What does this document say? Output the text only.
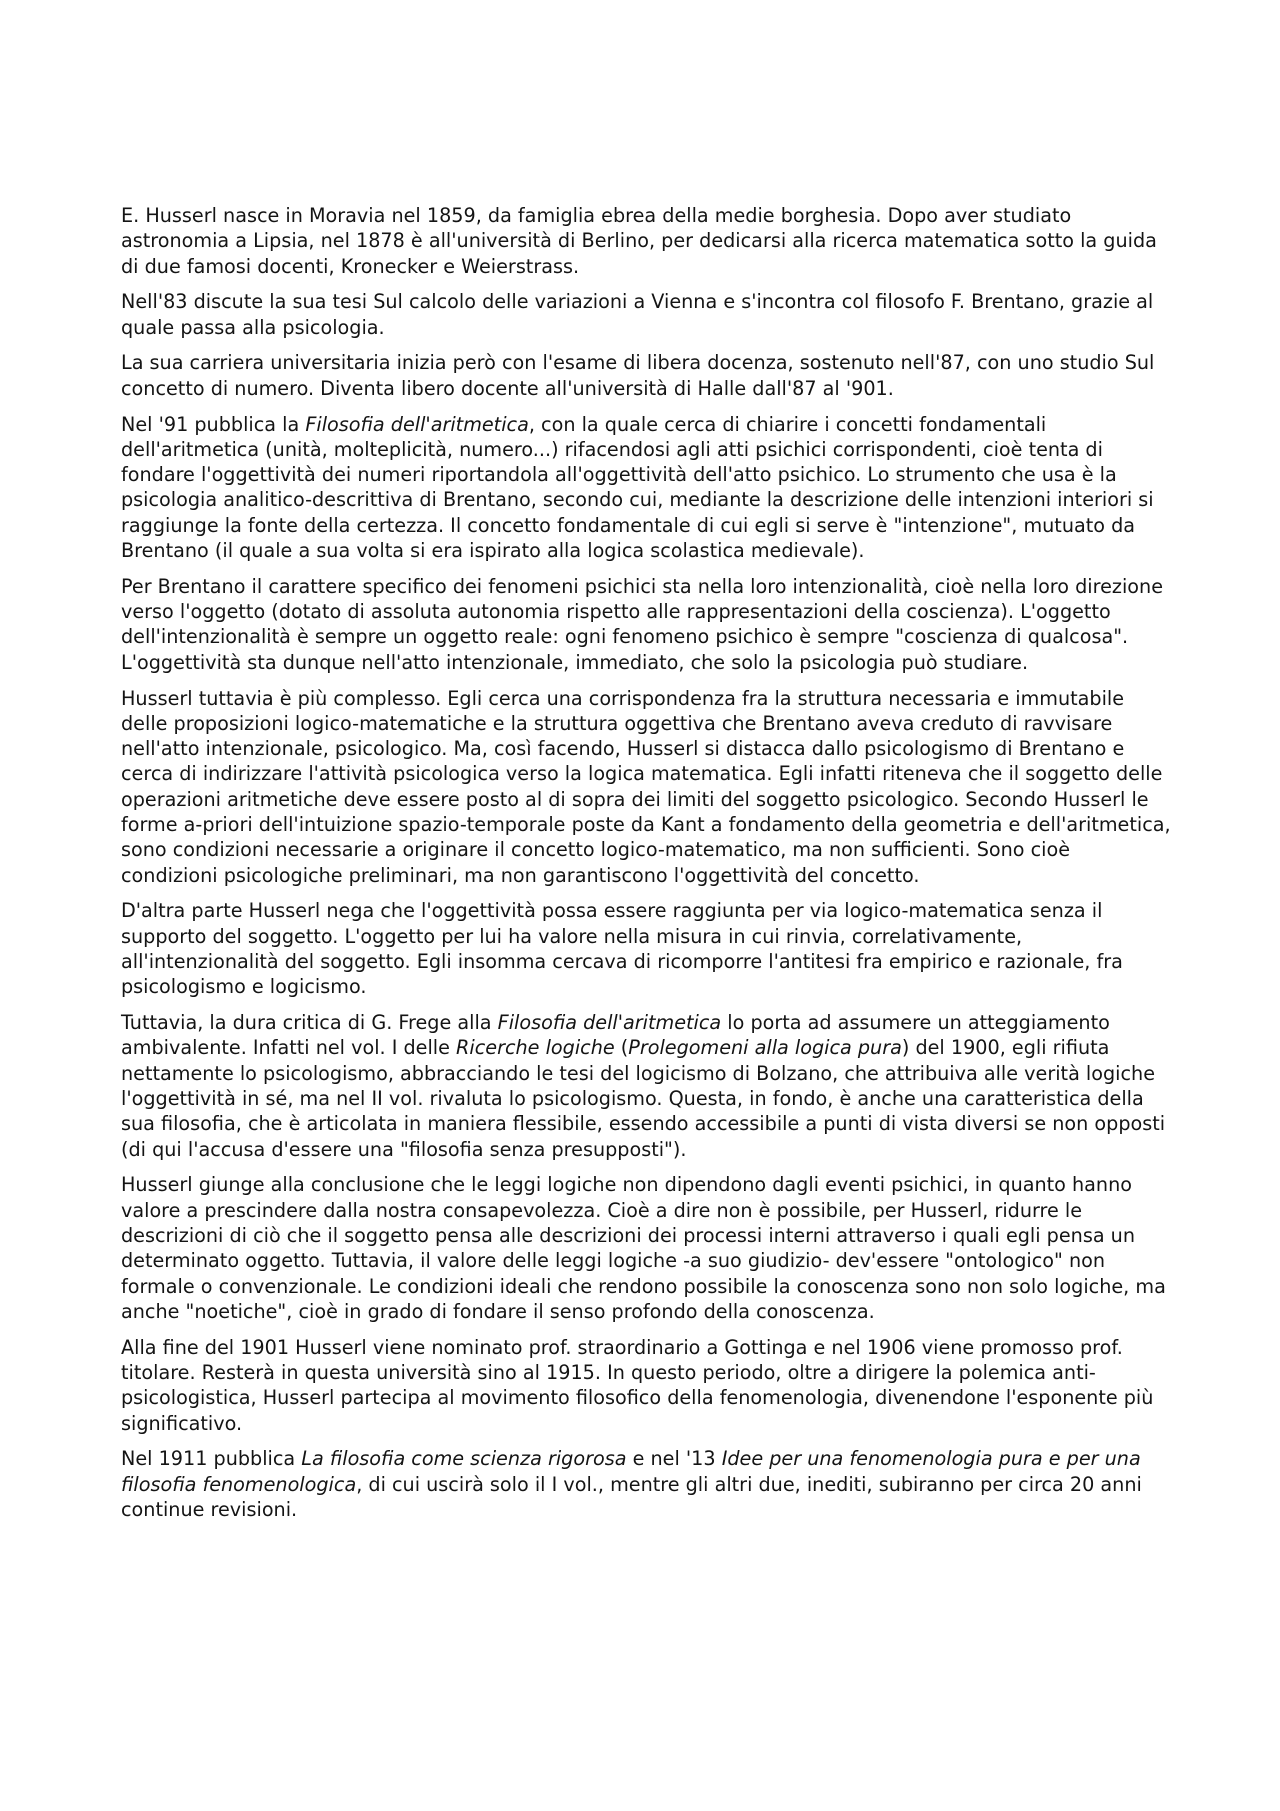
E. Husserl nasce in Moravia nel 1859, da famiglia ebrea della medie borghesia. Dopo aver studiato astronomia a Lipsia, nel 1878 è all'università di Berlino, per dedicarsi alla ricerca matematica sotto la guida di due famosi docenti, Kronecker e Weierstrass.

Nell'83 discute la sua tesi Sul calcolo delle variazioni a Vienna e s'incontra col filosofo F. Brentano, grazie al quale passa alla psicologia.

La sua carriera universitaria inizia però con l'esame di libera docenza, sostenuto nell'87, con uno studio Sul concetto di numero. Diventa libero docente all'università di Halle dall'87 al '901.

Nel '91 pubblica la Filosofia dell'aritmetica, con la quale cerca di chiarire i concetti fondamentali dell'aritmetica (unità, molteplicità, numero...) rifacendosi agli atti psichici corrispondenti, cioè tenta di fondare l'oggettività dei numeri riportandola all'oggettività dell'atto psichico. Lo strumento che usa è la psicologia analitico-descrittiva di Brentano, secondo cui, mediante la descrizione delle intenzioni interiori si raggiunge la fonte della certezza. Il concetto fondamentale di cui egli si serve è "intenzione", mutuato da Brentano (il quale a sua volta si era ispirato alla logica scolastica medievale).

Per Brentano il carattere specifico dei fenomeni psichici sta nella loro intenzionalità, cioè nella loro direzione verso l'oggetto (dotato di assoluta autonomia rispetto alle rappresentazioni della coscienza). L'oggetto dell'intenzionalità è sempre un oggetto reale: ogni fenomeno psichico è sempre "coscienza di qualcosa". L'oggettività sta dunque nell'atto intenzionale, immediato, che solo la psicologia può studiare.

Husserl tuttavia è più complesso. Egli cerca una corrispondenza fra la struttura necessaria e immutabile delle proposizioni logico-matematiche e la struttura oggettiva che Brentano aveva creduto di ravvisare nell'atto intenzionale, psicologico. Ma, così facendo, Husserl si distacca dallo psicologismo di Brentano e cerca di indirizzare l'attività psicologica verso la logica matematica. Egli infatti riteneva che il soggetto delle operazioni aritmetiche deve essere posto al di sopra dei limiti del soggetto psicologico. Secondo Husserl le forme a-priori dell'intuizione spazio-temporale poste da Kant a fondamento della geometria e dell'aritmetica, sono condizioni necessarie a originare il concetto logico-matematico, ma non sufficienti. Sono cioè condizioni psicologiche preliminari, ma non garantiscono l'oggettività del concetto.

D'altra parte Husserl nega che l'oggettività possa essere raggiunta per via logico-matematica senza il supporto del soggetto. L'oggetto per lui ha valore nella misura in cui rinvia, correlativamente, all'intenzionalità del soggetto. Egli insomma cercava di ricomporre l'antitesi fra empirico e razionale, fra psicologismo e logicismo.

Tuttavia, la dura critica di G. Frege alla Filosofia dell'aritmetica lo porta ad assumere un atteggiamento ambivalente. Infatti nel vol. I delle Ricerche logiche (Prolegomeni alla logica pura) del 1900, egli rifiuta nettamente lo psicologismo, abbracciando le tesi del logicismo di Bolzano, che attribuiva alle verità logiche l'oggettività in sé, ma nel II vol. rivaluta lo psicologismo. Questa, in fondo, è anche una caratteristica della sua filosofia, che è articolata in maniera flessibile, essendo accessibile a punti di vista diversi se non opposti (di qui l'accusa d'essere una "filosofia senza presupposti").

Husserl giunge alla conclusione che le leggi logiche non dipendono dagli eventi psichici, in quanto hanno valore a prescindere dalla nostra consapevolezza. Cioè a dire non è possibile, per Husserl, ridurre le descrizioni di ciò che il soggetto pensa alle descrizioni dei processi interni attraverso i quali egli pensa un determinato oggetto. Tuttavia, il valore delle leggi logiche -a suo giudizio- dev'essere "ontologico" non formale o convenzionale. Le condizioni ideali che rendono possibile la conoscenza sono non solo logiche, ma anche "noetiche", cioè in grado di fondare il senso profondo della conoscenza.

Alla fine del 1901 Husserl viene nominato prof. straordinario a Gottinga e nel 1906 viene promosso prof. titolare. Resterà in questa università sino al 1915. In questo periodo, oltre a dirigere la polemica anti-psicologistica, Husserl partecipa al movimento filosofico della fenomenologia, divenendone l'esponente più significativo.

Nel 1911 pubblica La filosofia come scienza rigorosa e nel '13 Idee per una fenomenologia pura e per una filosofia fenomenologica, di cui uscirà solo il I vol., mentre gli altri due, inediti, subiranno per circa 20 anni continue revisioni.
